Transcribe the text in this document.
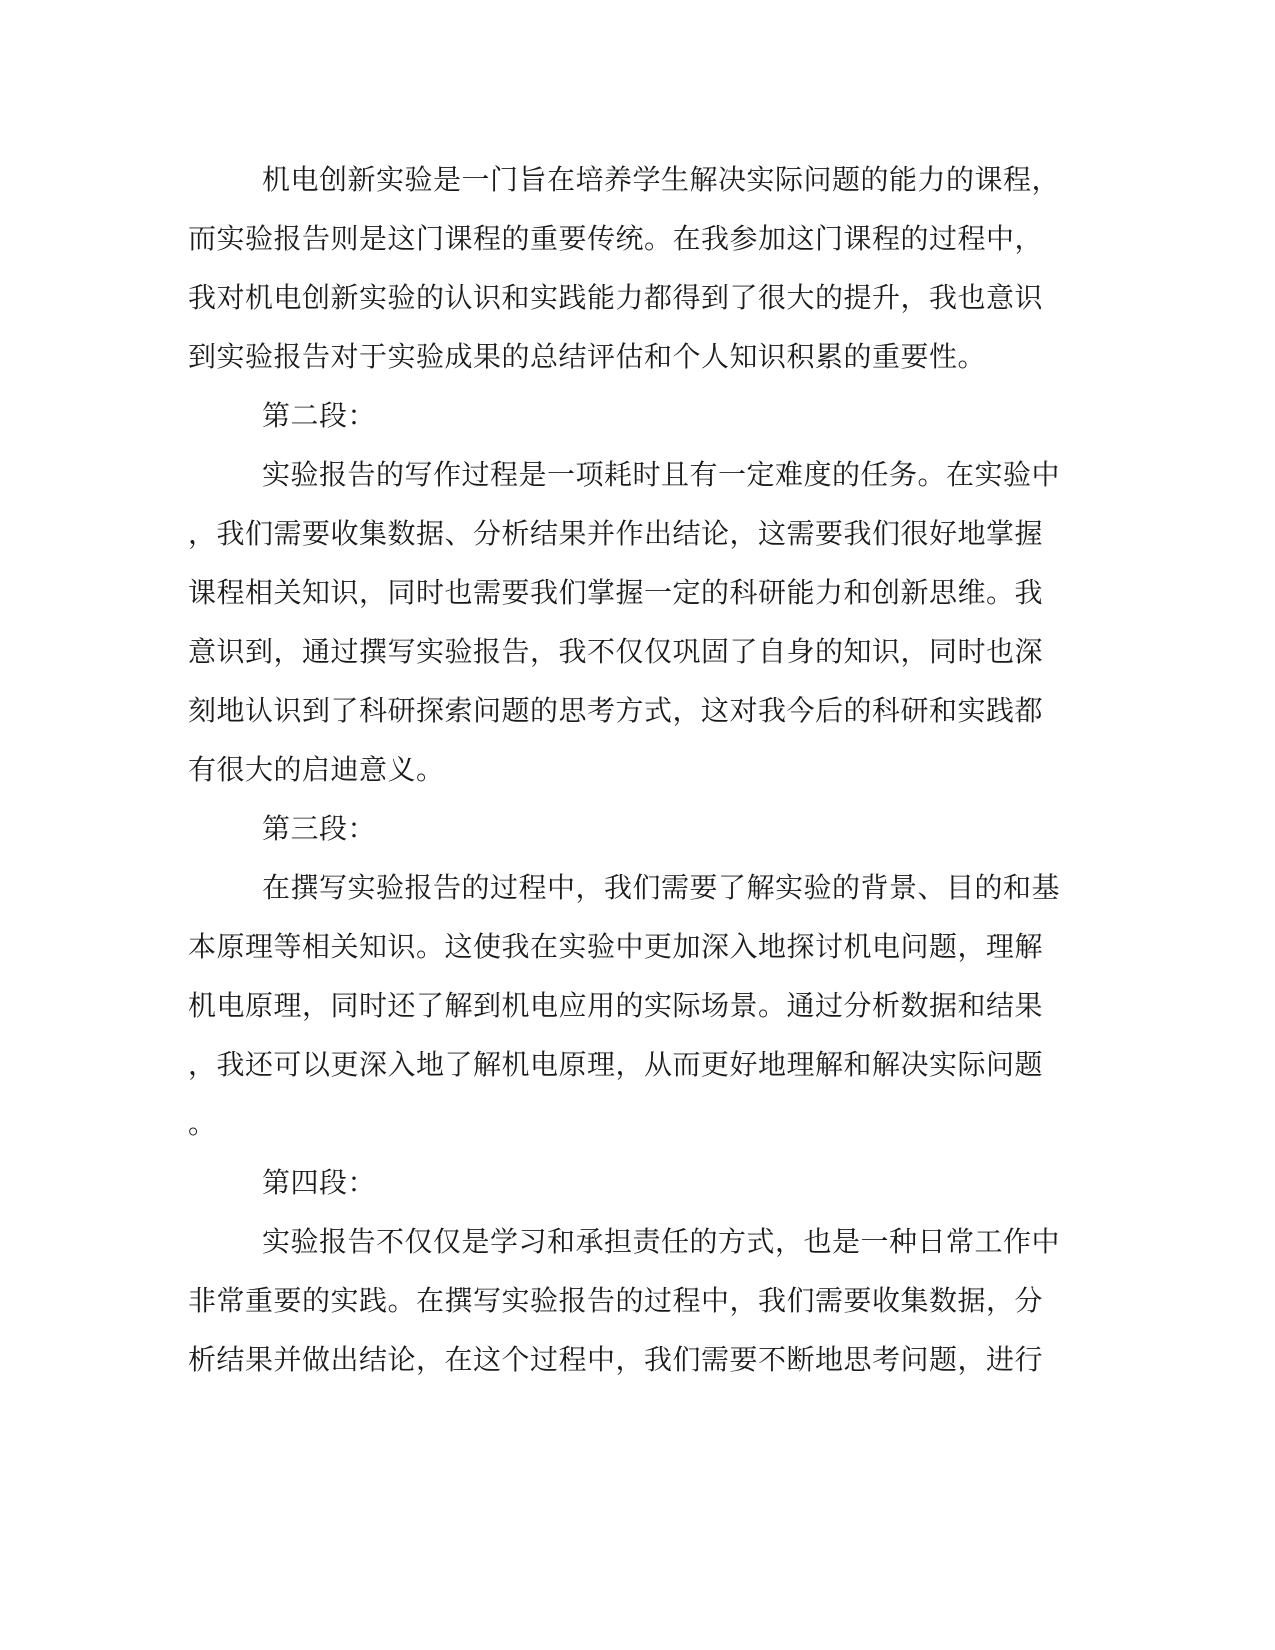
机电创新实验是一门旨在培养学生解决实际问题的能力的课程，

而实验报告则是这门课程的重要传统。在我参加这门课程的过程中，

我对机电创新实验的认识和实践能力都得到了很大的提升，我也意识

到实验报告对于实验成果的总结评估和个人知识积累的重要性。

第二段：

实验报告的写作过程是一项耗时且有一定难度的任务。在实验中

，我们需要收集数据、分析结果并作出结论，这需要我们很好地掌握

课程相关知识，同时也需要我们掌握一定的科研能力和创新思维。我

意识到，通过撰写实验报告，我不仅仅巩固了自身的知识，同时也深

刻地认识到了科研探索问题的思考方式，这对我今后的科研和实践都

有很大的启迪意义。

第三段：

在撰写实验报告的过程中，我们需要了解实验的背景、目的和基

本原理等相关知识。这使我在实验中更加深入地探讨机电问题，理解

机电原理，同时还了解到机电应用的实际场景。通过分析数据和结果

，我还可以更深入地了解机电原理，从而更好地理解和解决实际问题

。

第四段：

实验报告不仅仅是学习和承担责任的方式，也是一种日常工作中

非常重要的实践。在撰写实验报告的过程中，我们需要收集数据，分

析结果并做出结论，在这个过程中，我们需要不断地思考问题，进行
